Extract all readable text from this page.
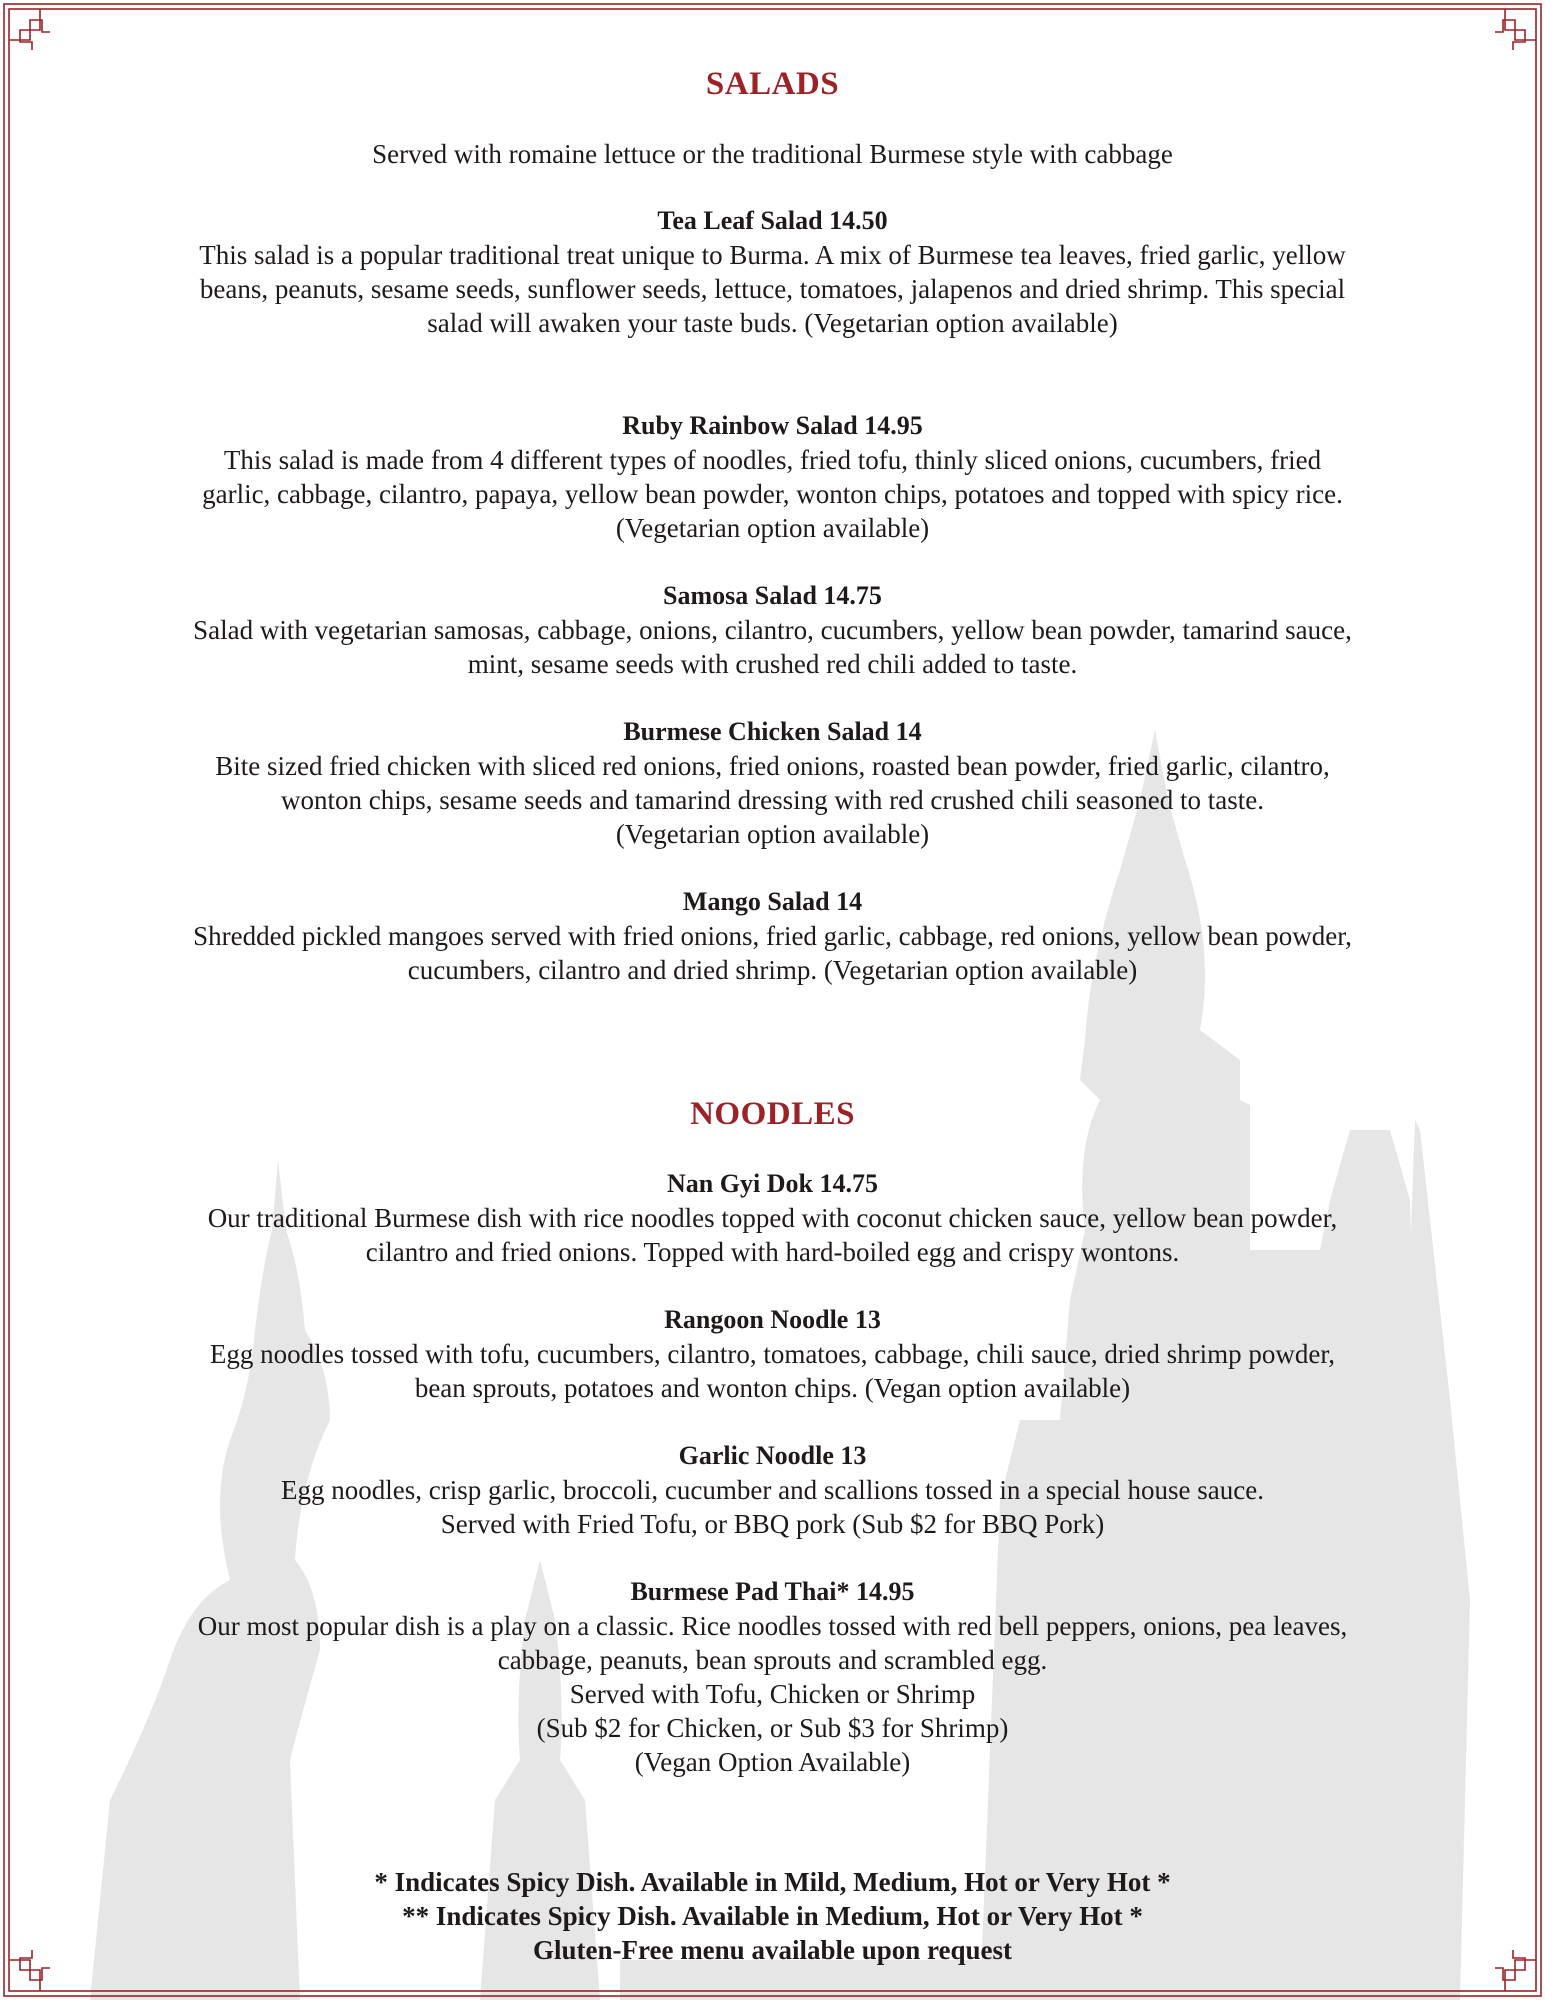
SALADS
Served with romaine lettuce or the traditional Burmese style with cabbage
Tea Leaf Salad 14.50
This salad is a popular traditional treat unique to Burma. A mix of Burmese tea leaves, fried garlic, yellow
beans, peanuts, sesame seeds, sunflower seeds, lettuce, tomatoes, jalapenos and dried shrimp. This special
salad will awaken your taste buds. (Vegetarian option available)
Ruby Rainbow Salad 14.95
This salad is made from 4 different types of noodles, fried tofu, thinly sliced onions, cucumbers, fried
garlic, cabbage, cilantro, papaya, yellow bean powder, wonton chips, potatoes and topped with spicy rice.
(Vegetarian option available)
Samosa Salad 14.75
Salad with vegetarian samosas, cabbage, onions, cilantro, cucumbers, yellow bean powder, tamarind sauce,
mint, sesame seeds with crushed red chili added to taste.
Burmese Chicken Salad 14
Bite sized fried chicken with sliced red onions, fried onions, roasted bean powder, fried garlic, cilantro,
wonton chips, sesame seeds and tamarind dressing with red crushed chili seasoned to taste.
(Vegetarian option available)
Mango Salad 14
Shredded pickled mangoes served with fried onions, fried garlic, cabbage, red onions, yellow bean powder,
cucumbers, cilantro and dried shrimp. (Vegetarian option available)
NOODLES
Nan Gyi Dok 14.75
Our traditional Burmese dish with rice noodles topped with coconut chicken sauce, yellow bean powder,
cilantro and fried onions. Topped with hard-boiled egg and crispy wontons.
Rangoon Noodle 13
Egg noodles tossed with tofu, cucumbers, cilantro, tomatoes, cabbage, chili sauce, dried shrimp powder,
bean sprouts, potatoes and wonton chips. (Vegan option available)
Garlic Noodle 13
Egg noodles, crisp garlic, broccoli, cucumber and scallions tossed in a special house sauce.
Served with Fried Tofu, or BBQ pork (Sub $2 for BBQ Pork)
Burmese Pad Thai* 14.95
Our most popular dish is a play on a classic. Rice noodles tossed with red bell peppers, onions, pea leaves,
cabbage, peanuts, bean sprouts and scrambled egg.
Served with Tofu, Chicken or Shrimp
(Sub $2 for Chicken, or Sub $3 for Shrimp)
(Vegan Option Available)
* Indicates Spicy Dish. Available in Mild, Medium, Hot or Very Hot *
** Indicates Spicy Dish. Available in Medium, Hot or Very Hot *
Gluten-Free menu available upon request
